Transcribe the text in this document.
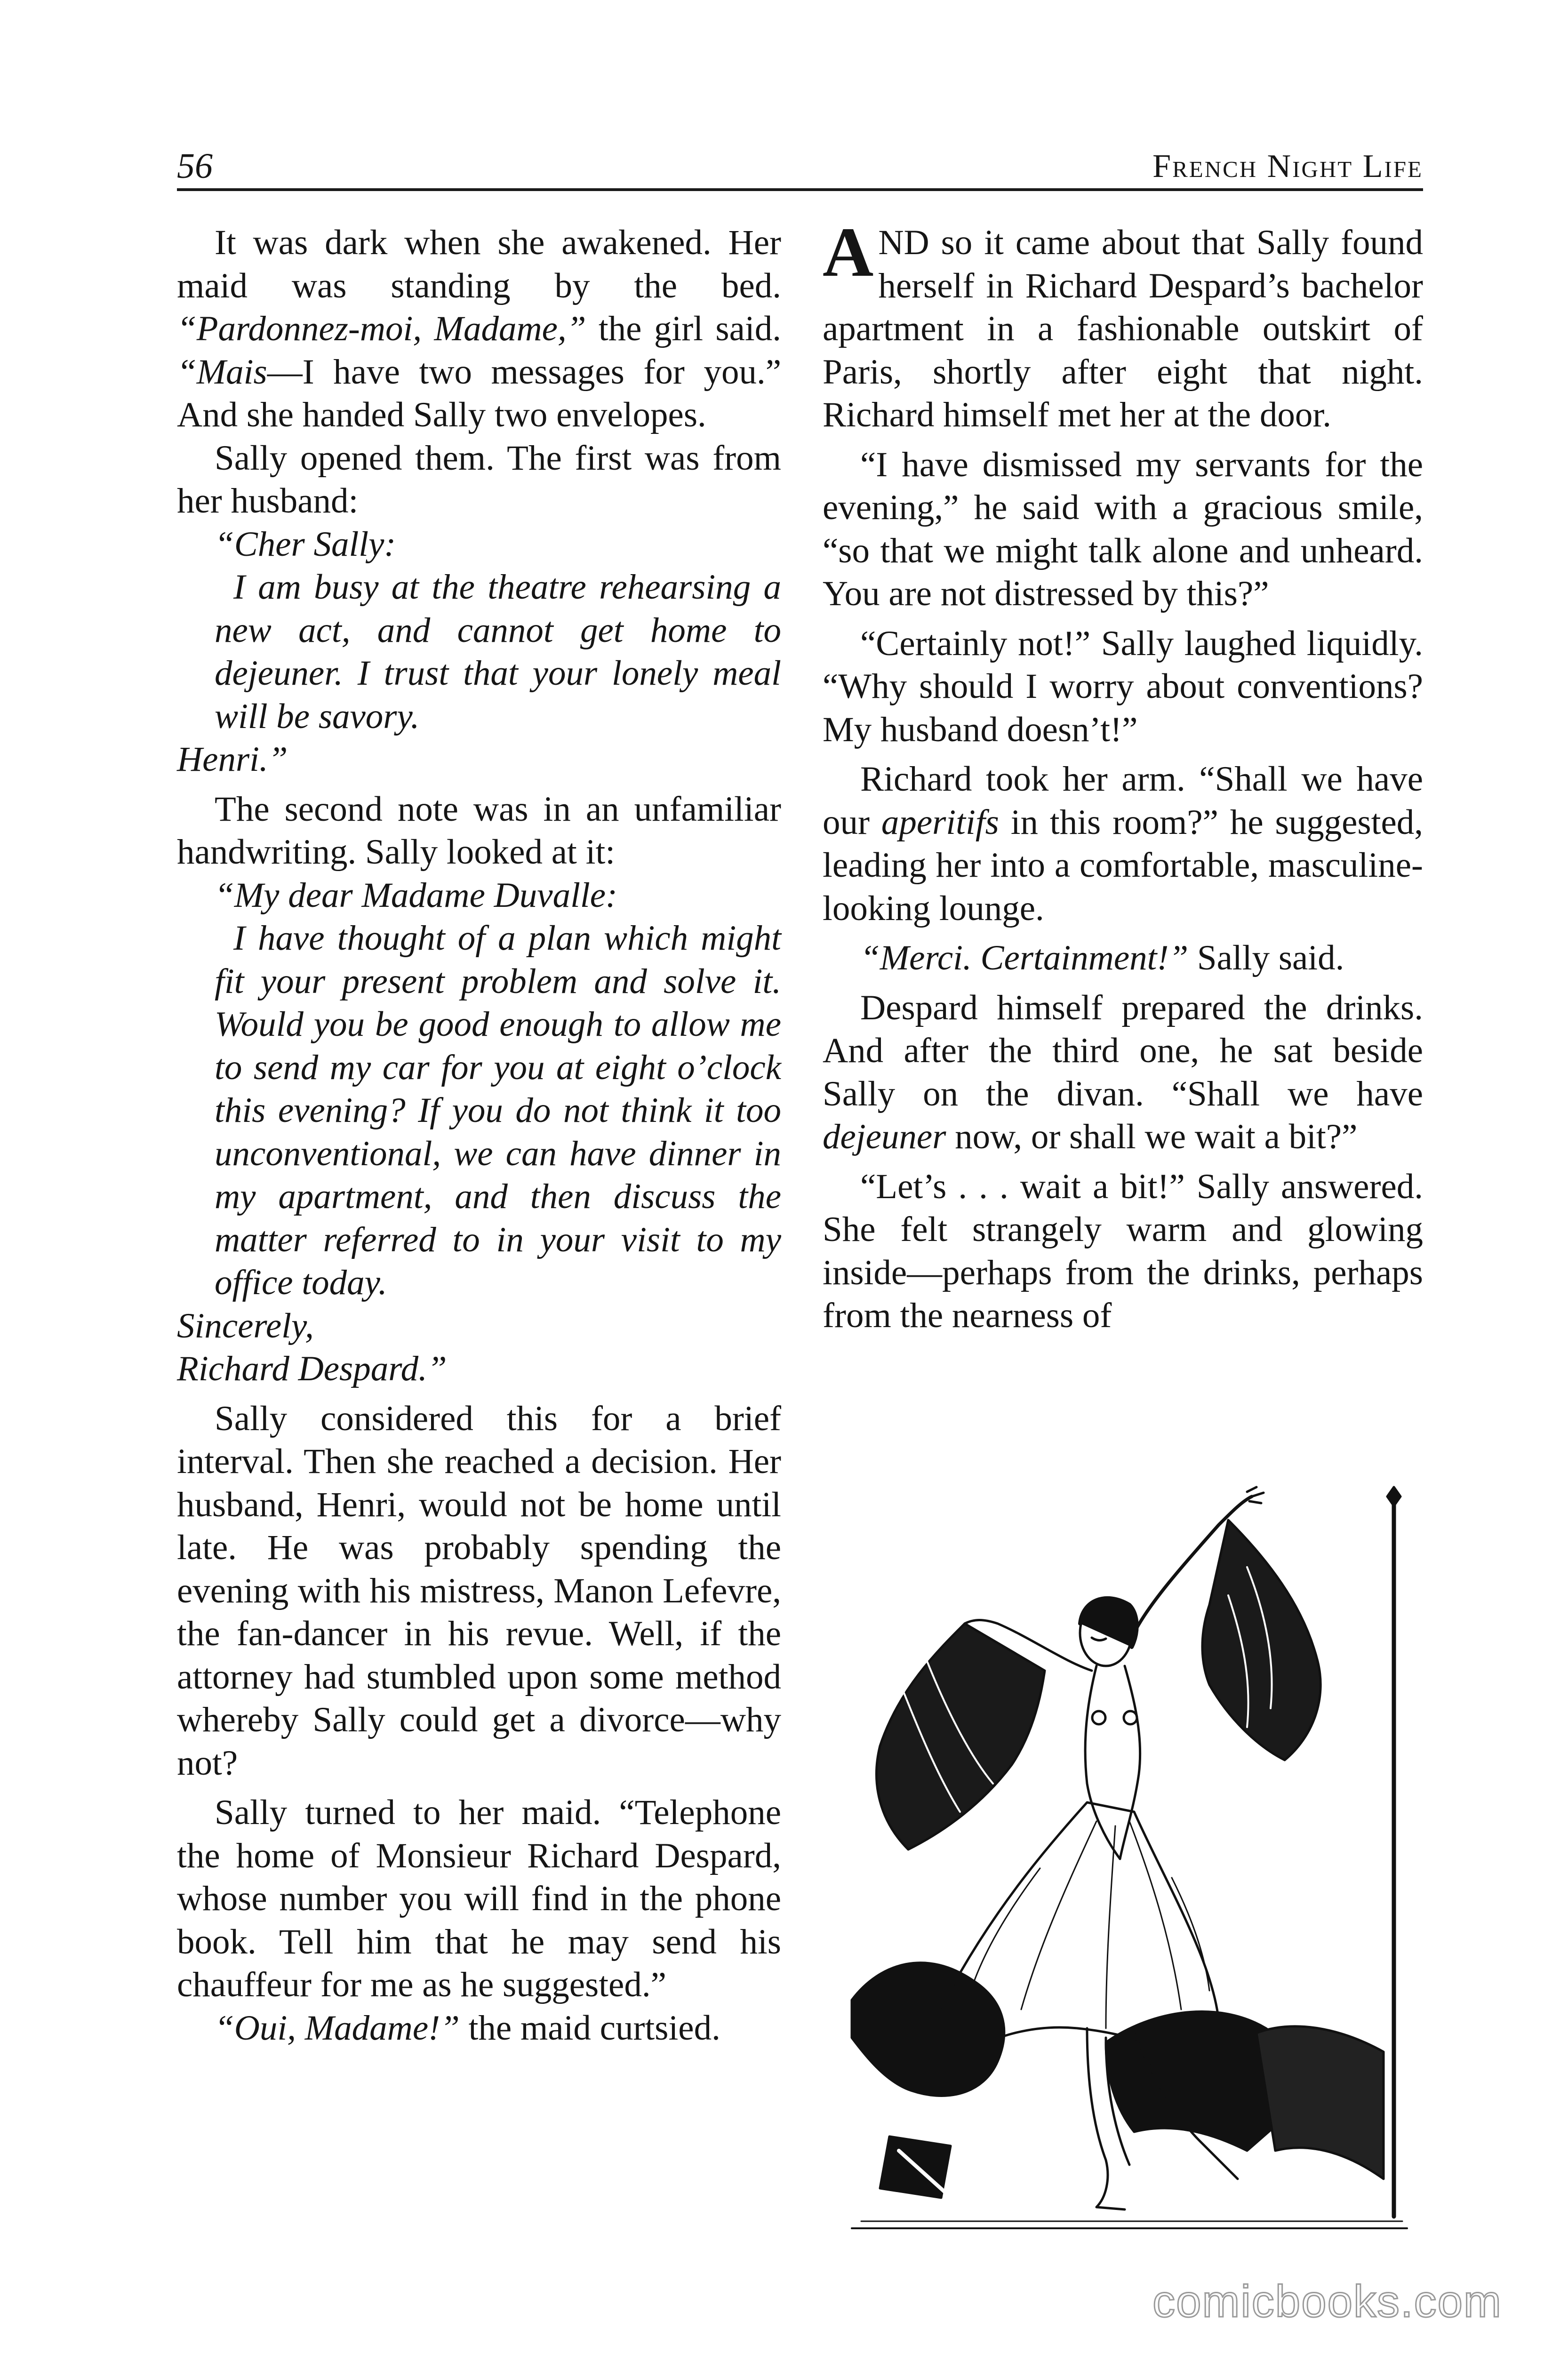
56	French Night Life

It was dark when she awakened. Her maid was standing by the bed. “Pardonnez-moi, Madame,” the girl said. “Mais—I have two messages for you.” And she handed Sally two envelopes.

Sally opened them. The first was from her husband:

“Cher Sally:

I am busy at the theatre rehearsing a new act, and cannot get home to dejeuner. I trust that your lonely meal will be savory.

Henri.”

The second note was in an unfamiliar handwriting. Sally looked at it:

“My dear Madame Duvalle:

I have thought of a plan which might fit your present problem and solve it. Would you be good enough to allow me to send my car for you at eight o’clock this evening? If you do not think it too unconventional, we can have dinner in my apartment, and then discuss the matter referred to in your visit to my office today.

Sincerely,

Richard Despard.”

Sally considered this for a brief interval. Then she reached a decision. Her husband, Henri, would not be home until late. He was probably spending the evening with his mistress, Manon Lefevre, the fan-dancer in his revue. Well, if the attorney had stumbled upon some method whereby Sally could get a divorce—why not?

Sally turned to her maid. “Telephone the home of Monsieur Richard Despard, whose number you will find in the phone book. Tell him that he may send his chauffeur for me as he suggested.”

“Oui, Madame!” the maid curtsied.

AND so it came about that Sally found herself in Richard Despard’s bachelor apartment in a fashionable outskirt of Paris, shortly after eight that night. Richard himself met her at the door.

“I have dismissed my servants for the evening,” he said with a gracious smile, “so that we might talk alone and unheard. You are not distressed by this?”

“Certainly not!” Sally laughed liquidly. “Why should I worry about conventions? My husband doesn’t!”

Richard took her arm. “Shall we have our aperitifs in this room?” he suggested, leading her into a comfortable, masculine-looking lounge.

“Merci. Certainment!” Sally said.

Despard himself prepared the drinks. And after the third one, he sat beside Sally on the divan. “Shall we have dejeuner now, or shall we wait a bit?”

“Let’s . . . wait a bit!” Sally answered. She felt strangely warm and glowing inside—perhaps from the drinks, perhaps from the nearness of

comicbooks.com
